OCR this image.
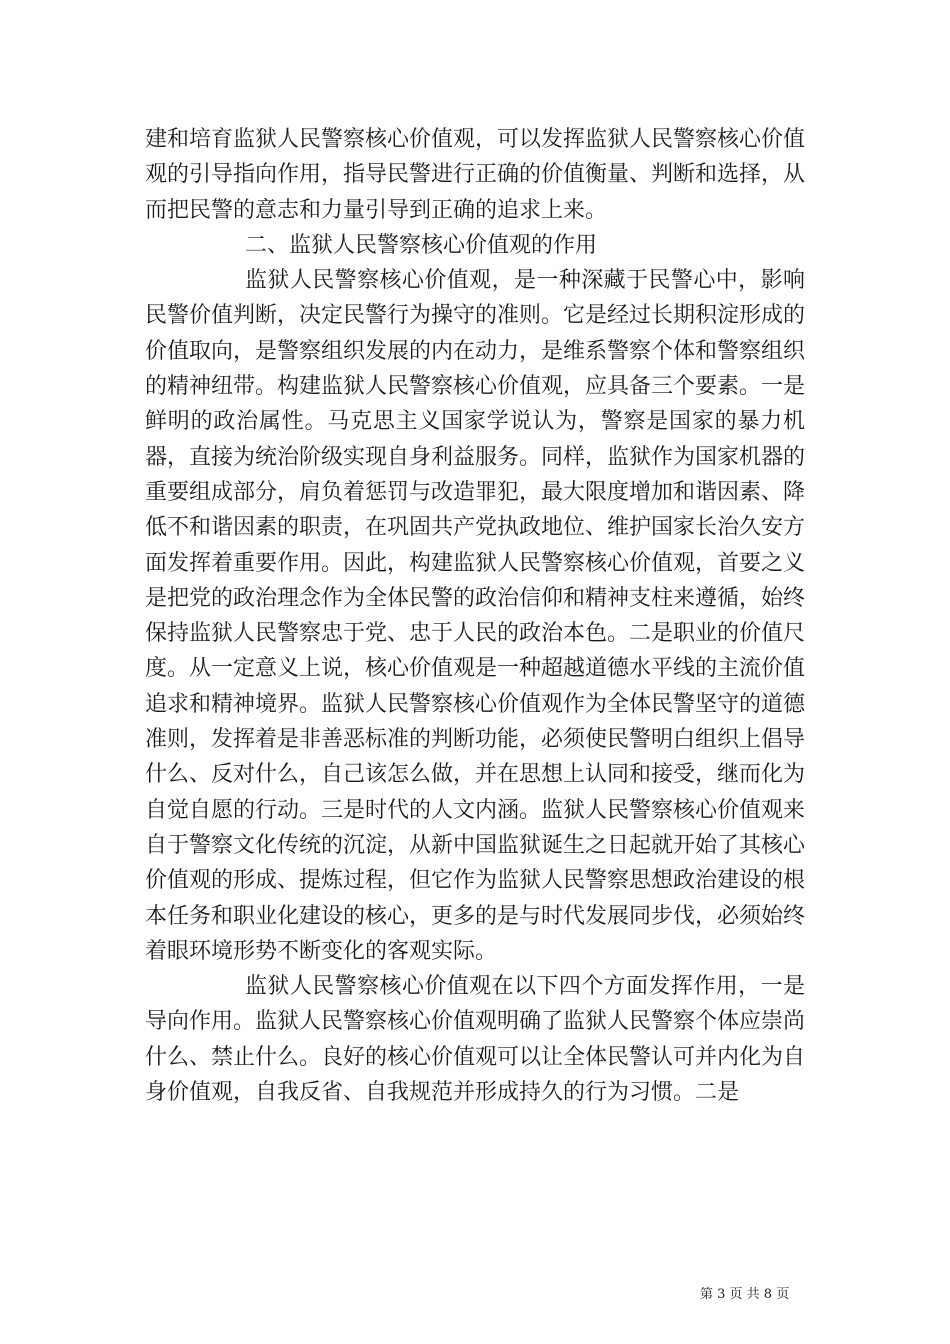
建和培育监狱人民警察核心价值观，可以发挥监狱人民警察核心价值观的引导指向作用，指导民警进行正确的价值衡量、判断和选择，从而把民警的意志和力量引导到正确的追求上来。

二、监狱人民警察核心价值观的作用

监狱人民警察核心价值观，是一种深藏于民警心中，影响民警价值判断，决定民警行为操守的准则。它是经过长期积淀形成的价值取向，是警察组织发展的内在动力，是维系警察个体和警察组织的精神纽带。构建监狱人民警察核心价值观，应具备三个要素。一是鲜明的政治属性。马克思主义国家学说认为，警察是国家的暴力机器，直接为统治阶级实现自身利益服务。同样，监狱作为国家机器的重要组成部分，肩负着惩罚与改造罪犯，最大限度增加和谐因素、降低不和谐因素的职责，在巩固共产党执政地位、维护国家长治久安方面发挥着重要作用。因此，构建监狱人民警察核心价值观，首要之义是把党的政治理念作为全体民警的政治信仰和精神支柱来遵循，始终保持监狱人民警察忠于党、忠于人民的政治本色。二是职业的价值尺度。从一定意义上说，核心价值观是一种超越道德水平线的主流价值追求和精神境界。监狱人民警察核心价值观作为全体民警坚守的道德准则，发挥着是非善恶标准的判断功能，必须使民警明白组织上倡导什么、反对什么，自己该怎么做，并在思想上认同和接受，继而化为自觉自愿的行动。三是时代的人文内涵。监狱人民警察核心价值观来自于警察文化传统的沉淀，从新中国监狱诞生之日起就开始了其核心价值观的形成、提炼过程，但它作为监狱人民警察思想政治建设的根本任务和职业化建设的核心，更多的是与时代发展同步伐，必须始终着眼环境形势不断变化的客观实际。

监狱人民警察核心价值观在以下四个方面发挥作用，一是导向作用。监狱人民警察核心价值观明确了监狱人民警察个体应崇尚什么、禁止什么。良好的核心价值观可以让全体民警认可并内化为自身价值观，自我反省、自我规范并形成持久的行为习惯。二是

第 3 页 共 8 页
